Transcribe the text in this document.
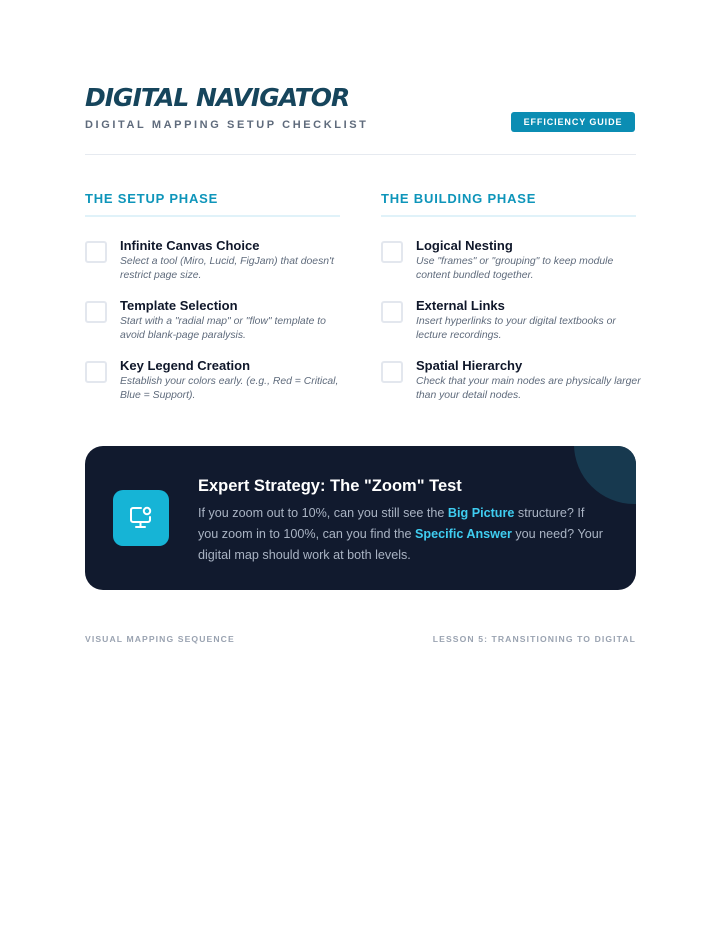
DIGITAL NAVIGATOR
DIGITAL MAPPING SETUP CHECKLIST	EFFICIENCY GUIDE
THE SETUP PHASE
Infinite Canvas Choice
Select a tool (Miro, Lucid, FigJam) that doesn't restrict page size.
Template Selection
Start with a "radial map" or "flow" template to avoid blank-page paralysis.
Key Legend Creation
Establish your colors early. (e.g., Red = Critical, Blue = Support).
THE BUILDING PHASE
Logical Nesting
Use "frames" or "grouping" to keep module content bundled together.
External Links
Insert hyperlinks to your digital textbooks or lecture recordings.
Spatial Hierarchy
Check that your main nodes are physically larger than your detail nodes.
Expert Strategy: The "Zoom" Test
If you zoom out to 10%, can you still see the Big Picture structure? If you zoom in to 100%, can you find the Specific Answer you need? Your digital map should work at both levels.
VISUAL MAPPING SEQUENCE	LESSON 5: TRANSITIONING TO DIGITAL
